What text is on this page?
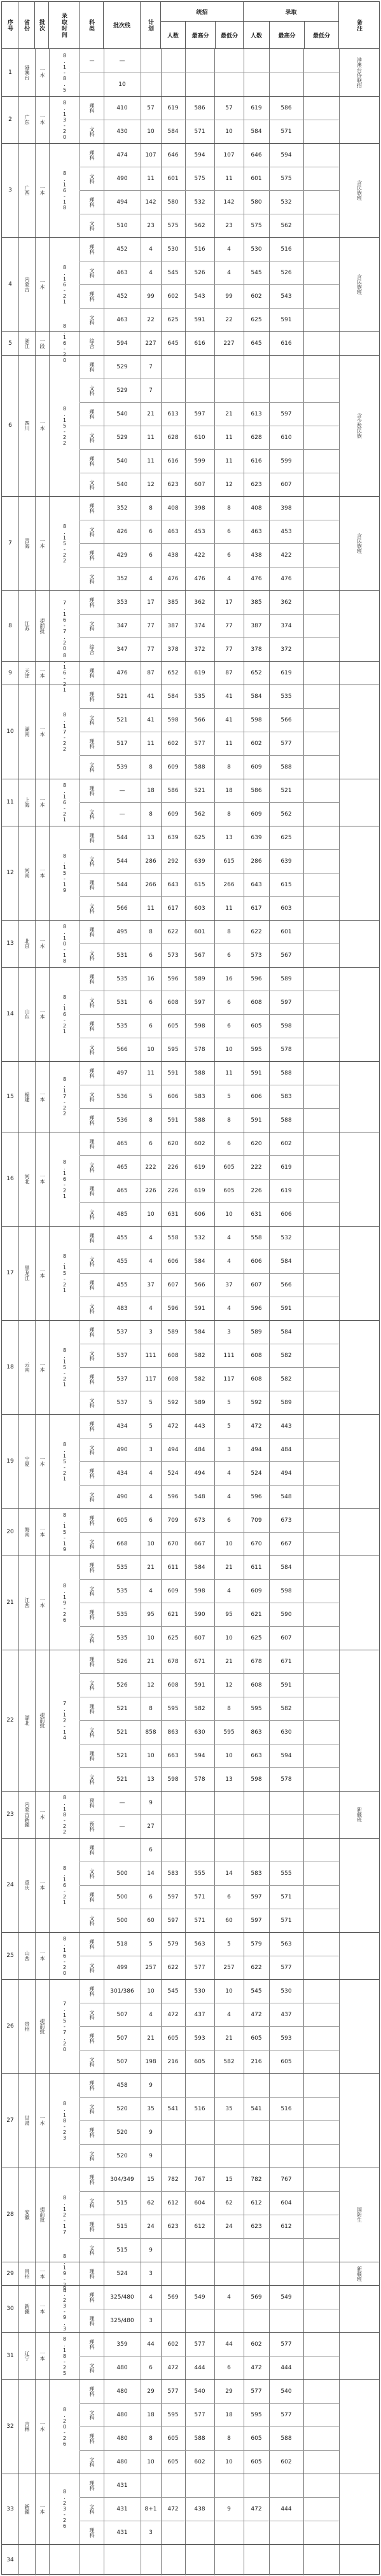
序号 省份 批次	录取时间	科类	批次线	计划
统招
人数	最高分	最低分
录取
人数	最高分	最低分
备注
1	港澳台	一本	8.1-8.5	港澳台侨联招
—	—
10
2	广东	一本	8.13-20	理科	410	57	619	586	57	619	586
文科	430	10	584	571	10	584	571
3	广西	一本	8.16-18	含民族班
理科	474	107	646	594	107	646	594
文科	490	11	601	575	11	601	575
理科	494	142	580	532	142	580	532
文科	510	23	575	562	23	575	562
4	内蒙古	一本	8.16-21	含民族班
理科	452	4	530	516	4	530	516
文科	463	4	545	526	4	545	526
理科	452	99	602	543	99	602	543
文科	463	22	625	591	22	625	591
5	浙江	一段	8.16-20	综合	594	227	645	616	227	645	616
6	四川	一本	8.15-22	含少数民族
理科	529	7
文科	529	7
理科	540	21	613	597	21	613	597
文科	529	11	628	610	11	628	610
理科	540	11	616	599	11	616	599
文科	540	12	623	607	12	623	607
7	青海	一本	8.15-22	含民族班
理科	352	8	408	398	8	408	398
文科	426	6	463	453	6	463	453
理科	429	6	438	422	6	438	422
文科	352	4	476	476	4	476	476
8	江苏	提前批	7.16-7.20	理科	353	17	385	362	17	385	362
文科	347	77	387	374	77	387	374
综合	347	77	378	372	77	378	372
9	天津	一本	8.16-21	理科	476	87	652	619	87	652	619
10	湖南	一本	8.17-22
理科	521	41	584	535	41	584	535
文科	521	41	598	566	41	598	566
理科	517	11	602	577	11	602	577
文科	539	8	609	588	8	609	588
11	上海	一本	8.16-21	理科	—	18	586	521	18	586	521
文科	—	8	609	562	8	609	562
12	河南	一本	8.15-19
理科	544	13	639	625	13	639	625
文科	544	286	292	639	615	286	639
理科	544	266	643	615	266	643	615
文科	566	11	617	603	11	617	603
13	北京	一本	8.10-18	理科	495	8	622	601	8	622	601
文科	531	6	573	567	6	573	567
14	山东	一本	8.16-21
理科	535	16	596	589	16	596	589
文科	531	6	608	597	6	608	597
理科	535	6	605	598	6	605	598
文科	566	10	595	578	10	595	578
15	福建	一本	8.17-22
理科	497	11	591	588	11	591	588
文科	536	5	606	583	5	606	583
理科	536	8	591	588	8	591	588
16	河北	一本	8.16-21
理科	465	6	620	602	6	620	602
文科	465	222	226	619	605	222	619
理科	465	226	226	619	605	226	619
文科	485	10	631	606	10	631	606
17	黑龙江	一本	8.15-21
理科	455	4	558	532	4	558	532
文科	455	4	606	584	4	606	584
理科	455	37	607	566	37	607	566
文科	483	4	596	591	4	596	591
18	云南	一本	8.15-21
理科	537	3	589	584	3	589	584
文科	537	111	608	582	111	608	582
理科	537	117	608	582	117	608	582
文科	537	5	592	589	5	592	589
19	宁夏	一本	8.15-21
理科	434	5	472	443	5	472	443
文科	490	3	494	484	3	494	484
理科	434	4	524	494	4	524	494
文科	490	4	596	548	4	596	548
20	海南	一本	8.15-19	理科	605	6	709	673	6	709	673
文科	668	10	670	667	10	670	667
21	江西	一本	8.19-26
理科	535	21	611	584	21	611	584
文科	535	4	609	598	4	609	598
理科	535	95	621	590	95	621	590
文科	535	10	625	607	10	625	607
22	湖北	提前批	7.12-14
理科	526	21	678	671	21	678	671
文科	526	12	608	591	12	608	591
理科	521	8	595	582	8	595	582
文科	521	858	863	630	595	863	630
理科	521	10	663	594	10	663	594
文科	521	13	598	578	13	598	578
23	内蒙古新疆	一本	8.18-22	新疆班
预科	—	9
预科	—	27
24	重庆	一本	8.16-21
理科	6
文科	500	14	583	555	14	583	555
理科	500	6	597	571	6	597	571
文科	500	60	597	571	60	597	571
25	山西	一本	8.16-20	理科	518	5	579	563	5	579	563
文科	499	257	622	577	257	622	577
26	贵州	提前批	7.15-7.20
理科	301/386	10	545	530	10	545	530
文科	507	4	472	437	4	472	437
理科	507	21	605	593	21	605	593
文科	507	198	216	605	582	216	605
27	甘肃	一本	8.18-23
理科	458	9
文科	520	35	541	516	35	541	516
理科	520	9
文科	520	9
28	安徽	提前批	8.12-17	国防生
理科	304/349	15	782	767	15	782	767
文科	515	62	612	604	62	612	604
理科	515	24	623	612	24	623	612
文科	515	9
29	贵州	一本	8.19-24	新疆班
理科	524	3
30	新疆	一本	8.23-9.3	理科	325/480	4	569	549	4	569	549
理科	325/480	3
31	辽宁	一本	8.18-25	理科	359	44	602	577	44	602	577
文科	480	6	472	444	6	472	444
32	吉林	一本	8.20-26
理科	480	29	577	540	29	577	540
文科	480	18	595	577	18	595	577
理科	480	8	605	588	8	605	588
文科	480	10	605	602	10	605	602
33	新疆	一本	8.23-26
理科	431
文科	431	8+1	472	438	9	472	444
理科	431	3
34
